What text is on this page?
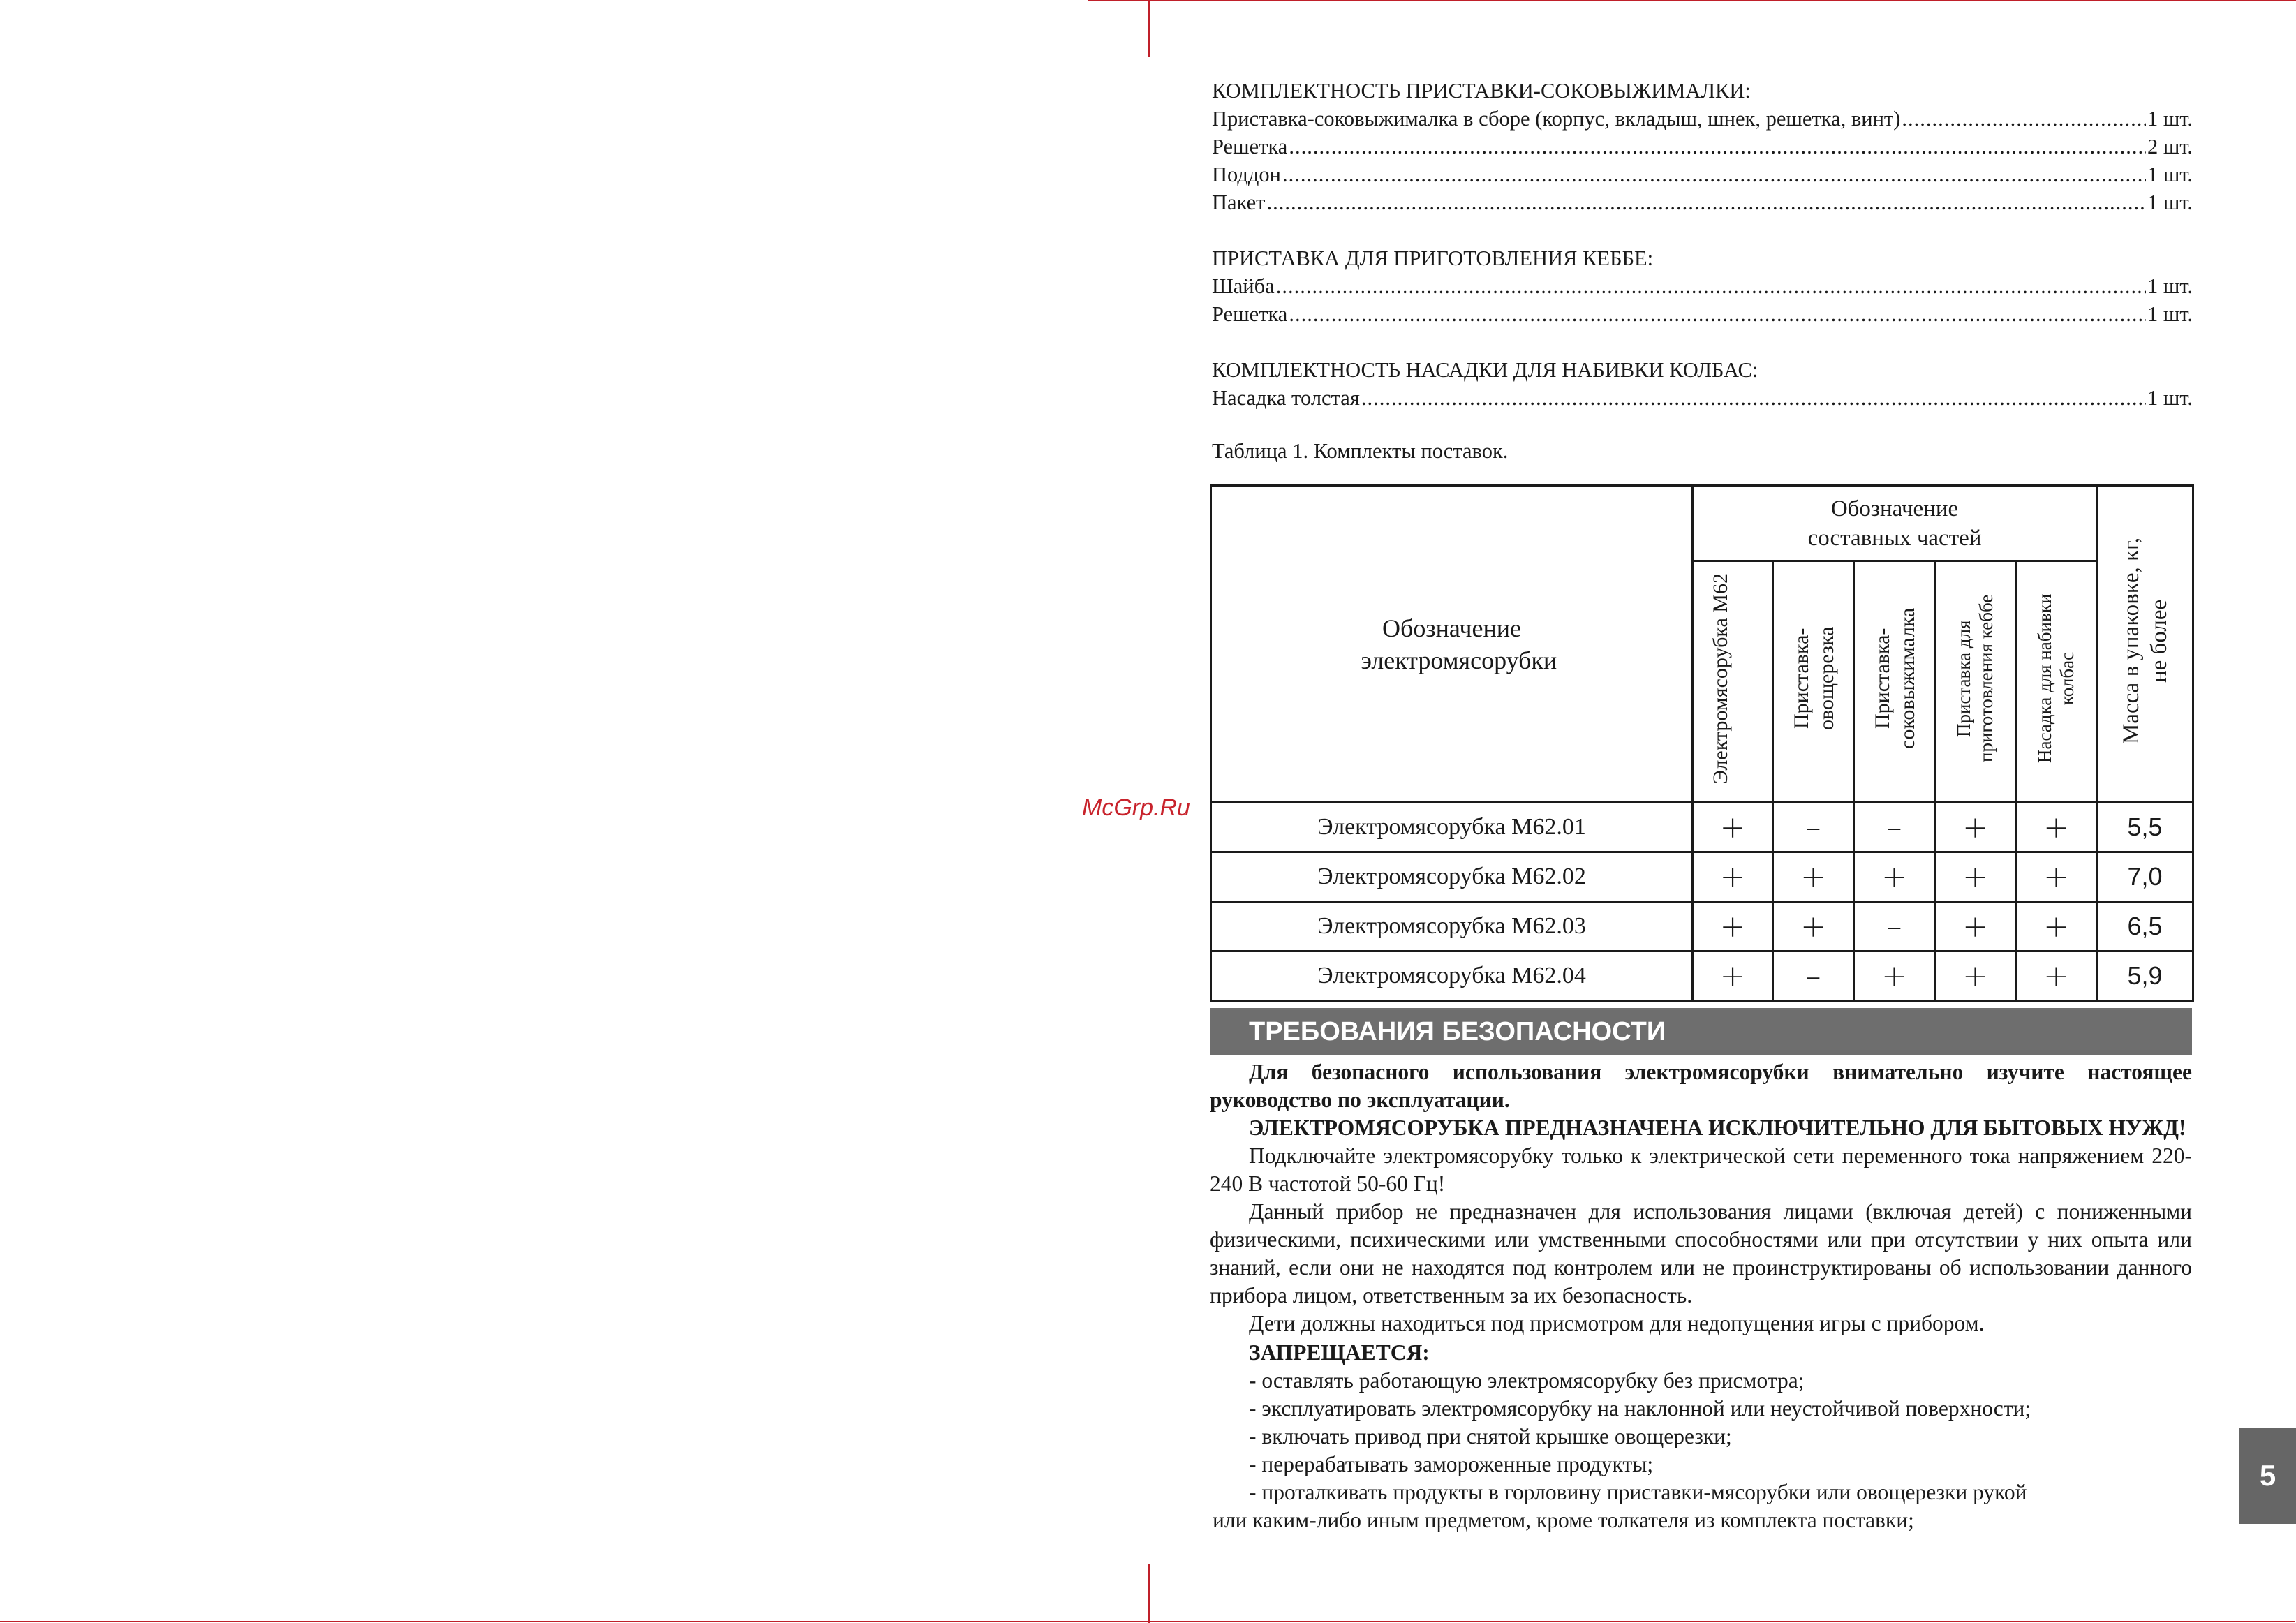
КОМПЛЕКТНОСТЬ ПРИСТАВКИ-СОКОВЫЖИМАЛКИ:
Приставка-соковыжималка в сборе (корпус, вкладыш, шнек, решетка, винт) .....	1 шт.
Решетка .....	2 шт.
Поддон .....	1 шт.
Пакет .....	1 шт.
ПРИСТАВКА ДЛЯ ПРИГОТОВЛЕНИЯ КЕББЕ:
Шайба .....	1 шт.
Решетка .....	1 шт.
КОМПЛЕКТНОСТЬ НАСАДКИ ДЛЯ НАБИВКИ КОЛБАС:
Насадка толстая .....	1 шт.
Таблица 1. Комплекты поставок.
Обозначение электромясорубки	Обозначение составных частей					Масса в упаковке, кг, не более
	Электромясорубка М62	Приставка-овощерезка	Приставка-соковыжималка	Приставка для приготовления кеббе	Насадка для набивки колбас	
Электромясорубка М62.01	+	–	–	+	+	5,5
Электромясорубка М62.02	+	+	+	+	+	7,0
Электромясорубка М62.03	+	+	–	+	+	6,5
Электромясорубка М62.04	+	–	+	+	+	5,9
ТРЕБОВАНИЯ БЕЗОПАСНОСТИ

Для безопасного использования электромясорубки внимательно изучите настоящее руководство по эксплуатации.

ЭЛЕКТРОМЯСОРУБКА ПРЕДНАЗНАЧЕНА ИСКЛЮЧИТЕЛЬНО ДЛЯ БЫТОВЫХ НУЖД!

Подключайте электромясорубку только к электрической сети переменного тока напряжением 220-240 В частотой 50-60 Гц!

Данный прибор не предназначен для использования лицами (включая детей) с пониженными физическими, психическими или умственными способностями или при отсутствии у них опыта или знаний, если они не находятся под контролем или не проинструктированы об использовании данного прибора лицом, ответственным за их безопасность.

Дети должны находиться под присмотром для недопущения игры с прибором.

ЗАПРЕЩАЕТСЯ:

- оставлять работающую электромясорубку без присмотра;

- эксплуатировать электромясорубку на наклонной или неустойчивой поверхности;

- включать привод при снятой крышке овощерезки;

- перерабатывать замороженные продукты;

- проталкивать продукты в горловину приставки-мясорубки или овощерезки рукой

или каким-либо иным предметом, кроме толкателя из комплекта поставки;

McGrp.Ru
5
